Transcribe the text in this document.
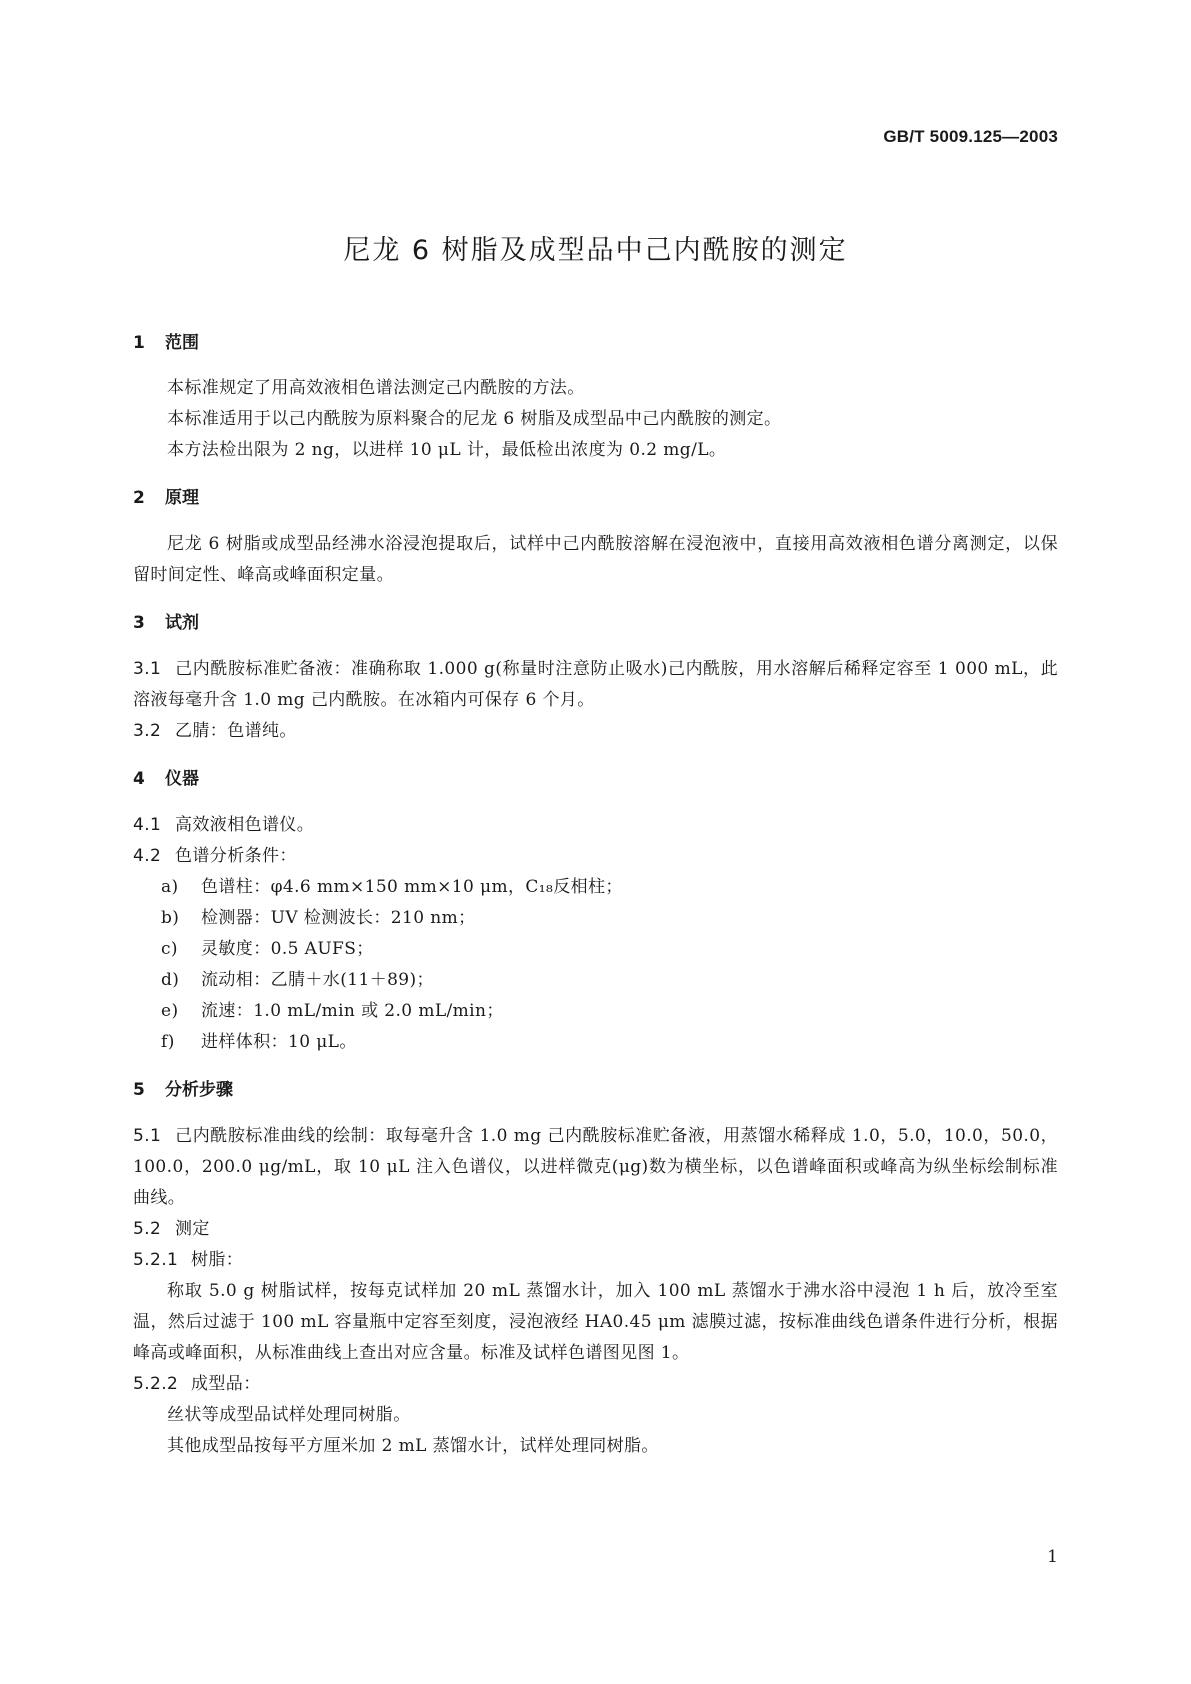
GB/T 5009.125—2003
尼龙 6 树脂及成型品中己内酰胺的测定
1 范围

本标准规定了用高效液相色谱法测定己内酰胺的方法。

本标准适用于以己内酰胺为原料聚合的尼龙 6 树脂及成型品中己内酰胺的测定。

本方法检出限为 2 ng，以进样 10 μL 计，最低检出浓度为 0.2 mg/L。

2 原理

尼龙 6 树脂或成型品经沸水浴浸泡提取后，试样中己内酰胺溶解在浸泡液中，直接用高效液相色谱分离测定，以保留时间定性、峰高或峰面积定量。

3 试剂

3.1 己内酰胺标准贮备液：准确称取 1.000 g(称量时注意防止吸水)己内酰胺，用水溶解后稀释定容至 1 000 mL，此溶液每毫升含 1.0 mg 己内酰胺。在冰箱内可保存 6 个月。

3.2 乙腈：色谱纯。

4 仪器

4.1 高效液相色谱仪。

4.2 色谱分析条件：

a) 色谱柱：φ4.6 mm×150 mm×10 μm，C₁₈反相柱；

b) 检测器：UV 检测波长：210 nm；

c) 灵敏度：0.5 AUFS；

d) 流动相：乙腈＋水(11＋89)；

e) 流速：1.0 mL/min 或 2.0 mL/min；

f) 进样体积：10 μL。

5 分析步骤

5.1 己内酰胺标准曲线的绘制：取每毫升含 1.0 mg 己内酰胺标准贮备液，用蒸馏水稀释成 1.0，5.0，10.0，50.0，100.0，200.0 μg/mL，取 10 μL 注入色谱仪，以进样微克(μg)数为横坐标，以色谱峰面积或峰高为纵坐标绘制标准曲线。

5.2 测定

5.2.1 树脂：

称取 5.0 g 树脂试样，按每克试样加 20 mL 蒸馏水计，加入 100 mL 蒸馏水于沸水浴中浸泡 1 h 后，放冷至室温，然后过滤于 100 mL 容量瓶中定容至刻度，浸泡液经 HA0.45 μm 滤膜过滤，按标准曲线色谱条件进行分析，根据峰高或峰面积，从标准曲线上查出对应含量。标准及试样色谱图见图 1。

5.2.2 成型品：

丝状等成型品试样处理同树脂。

其他成型品按每平方厘米加 2 mL 蒸馏水计，试样处理同树脂。

1
